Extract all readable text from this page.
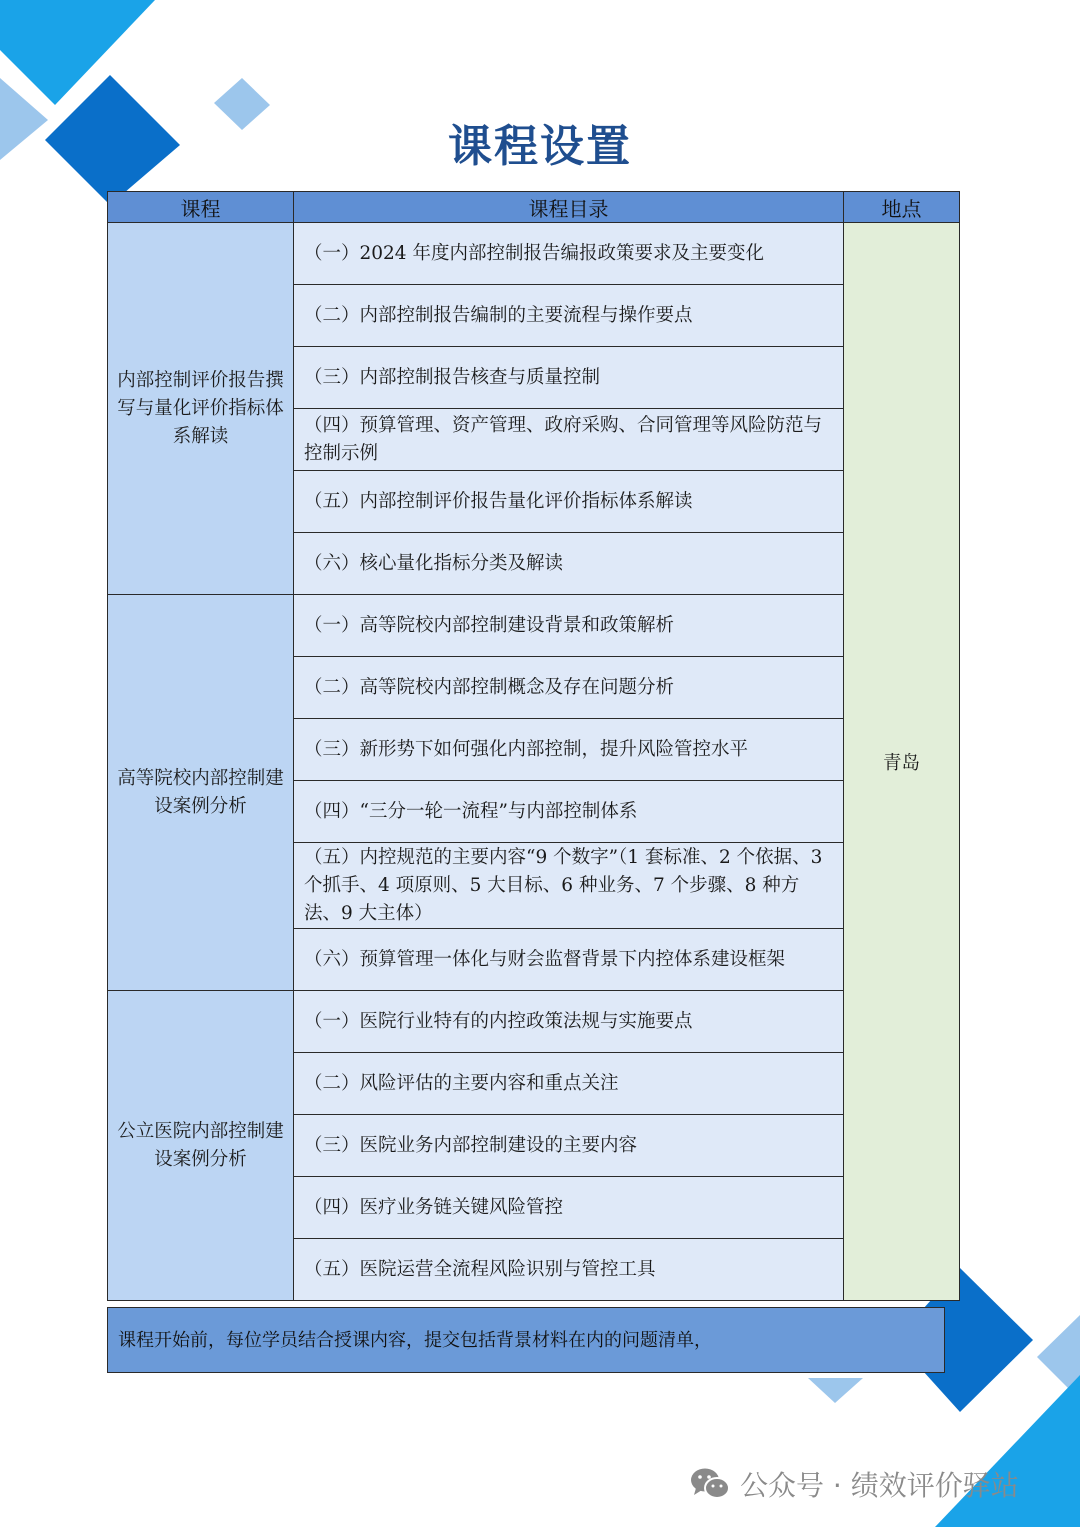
课程设置
课程	课程目录	地点
内部控制评价报告撰写与量化评价指标体系解读	（一）2024 年度内部控制报告编报政策要求及主要变化	青岛
	（二）内部控制报告编制的主要流程与操作要点	
	（三）内部控制报告核查与质量控制	
	（四）预算管理、资产管理、政府采购、合同管理等风险防范与控制示例	
	（五）内部控制评价报告量化评价指标体系解读	
	（六）核心量化指标分类及解读	
高等院校内部控制建设案例分析	（一）高等院校内部控制建设背景和政策解析	
	（二）高等院校内部控制概念及存在问题分析	
	（三）新形势下如何强化内部控制，提升风险管控水平	
	（四）“三分一轮一流程”与内部控制体系	
	（五）内控规范的主要内容“9 个数字”（1 套标准、2 个依据、3 个抓手、4 项原则、5 大目标、6 种业务、7 个步骤、8 种方法、9 大主体）	
	（六）预算管理一体化与财会监督背景下内控体系建设框架	
公立医院内部控制建设案例分析	（一）医院行业特有的内控政策法规与实施要点	
	（二）风险评估的主要内容和重点关注	
	（三）医院业务内部控制建设的主要内容	
	（四）医疗业务链关键风险管控	
	（五）医院运营全流程风险识别与管控工具	
课程开始前，每位学员结合授课内容，提交包括背景材料在内的问题清单，
公众号 · 绩效评价驿站
